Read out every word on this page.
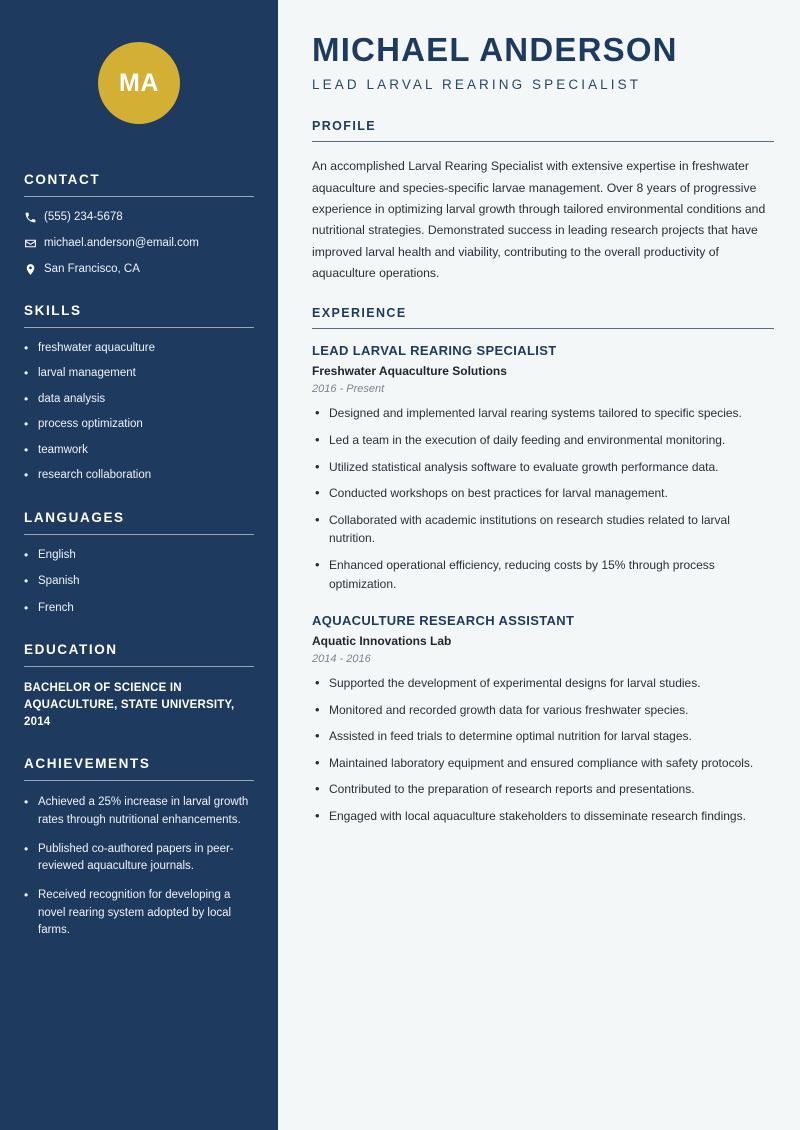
MA
CONTACT
(555) 234-5678
michael.anderson@email.com
San Francisco, CA
SKILLS
• freshwater aquaculture
• larval management
• data analysis
• process optimization
• teamwork
• research collaboration
LANGUAGES
• English
• Spanish
• French
EDUCATION
BACHELOR OF SCIENCE IN AQUACULTURE, STATE UNIVERSITY, 2014
ACHIEVEMENTS
• Achieved a 25% increase in larval growth rates through nutritional enhancements.
• Published co-authored papers in peer-reviewed aquaculture journals.
• Received recognition for developing a novel rearing system adopted by local farms.
MICHAEL ANDERSON
LEAD LARVAL REARING SPECIALIST
PROFILE

An accomplished Larval Rearing Specialist with extensive expertise in freshwater aquaculture and species-specific larvae management. Over 8 years of progressive experience in optimizing larval growth through tailored environmental conditions and nutritional strategies. Demonstrated success in leading research projects that have improved larval health and viability, contributing to the overall productivity of aquaculture operations.

EXPERIENCE
LEAD LARVAL REARING SPECIALIST
Freshwater Aquaculture Solutions
2016 - Present
• Designed and implemented larval rearing systems tailored to specific species.
• Led a team in the execution of daily feeding and environmental monitoring.
• Utilized statistical analysis software to evaluate growth performance data.
• Conducted workshops on best practices for larval management.
• Collaborated with academic institutions on research studies related to larval nutrition.
• Enhanced operational efficiency, reducing costs by 15% through process optimization.
AQUACULTURE RESEARCH ASSISTANT
Aquatic Innovations Lab
2014 - 2016
• Supported the development of experimental designs for larval studies.
• Monitored and recorded growth data for various freshwater species.
• Assisted in feed trials to determine optimal nutrition for larval stages.
• Maintained laboratory equipment and ensured compliance with safety protocols.
• Contributed to the preparation of research reports and presentations.
• Engaged with local aquaculture stakeholders to disseminate research findings.
